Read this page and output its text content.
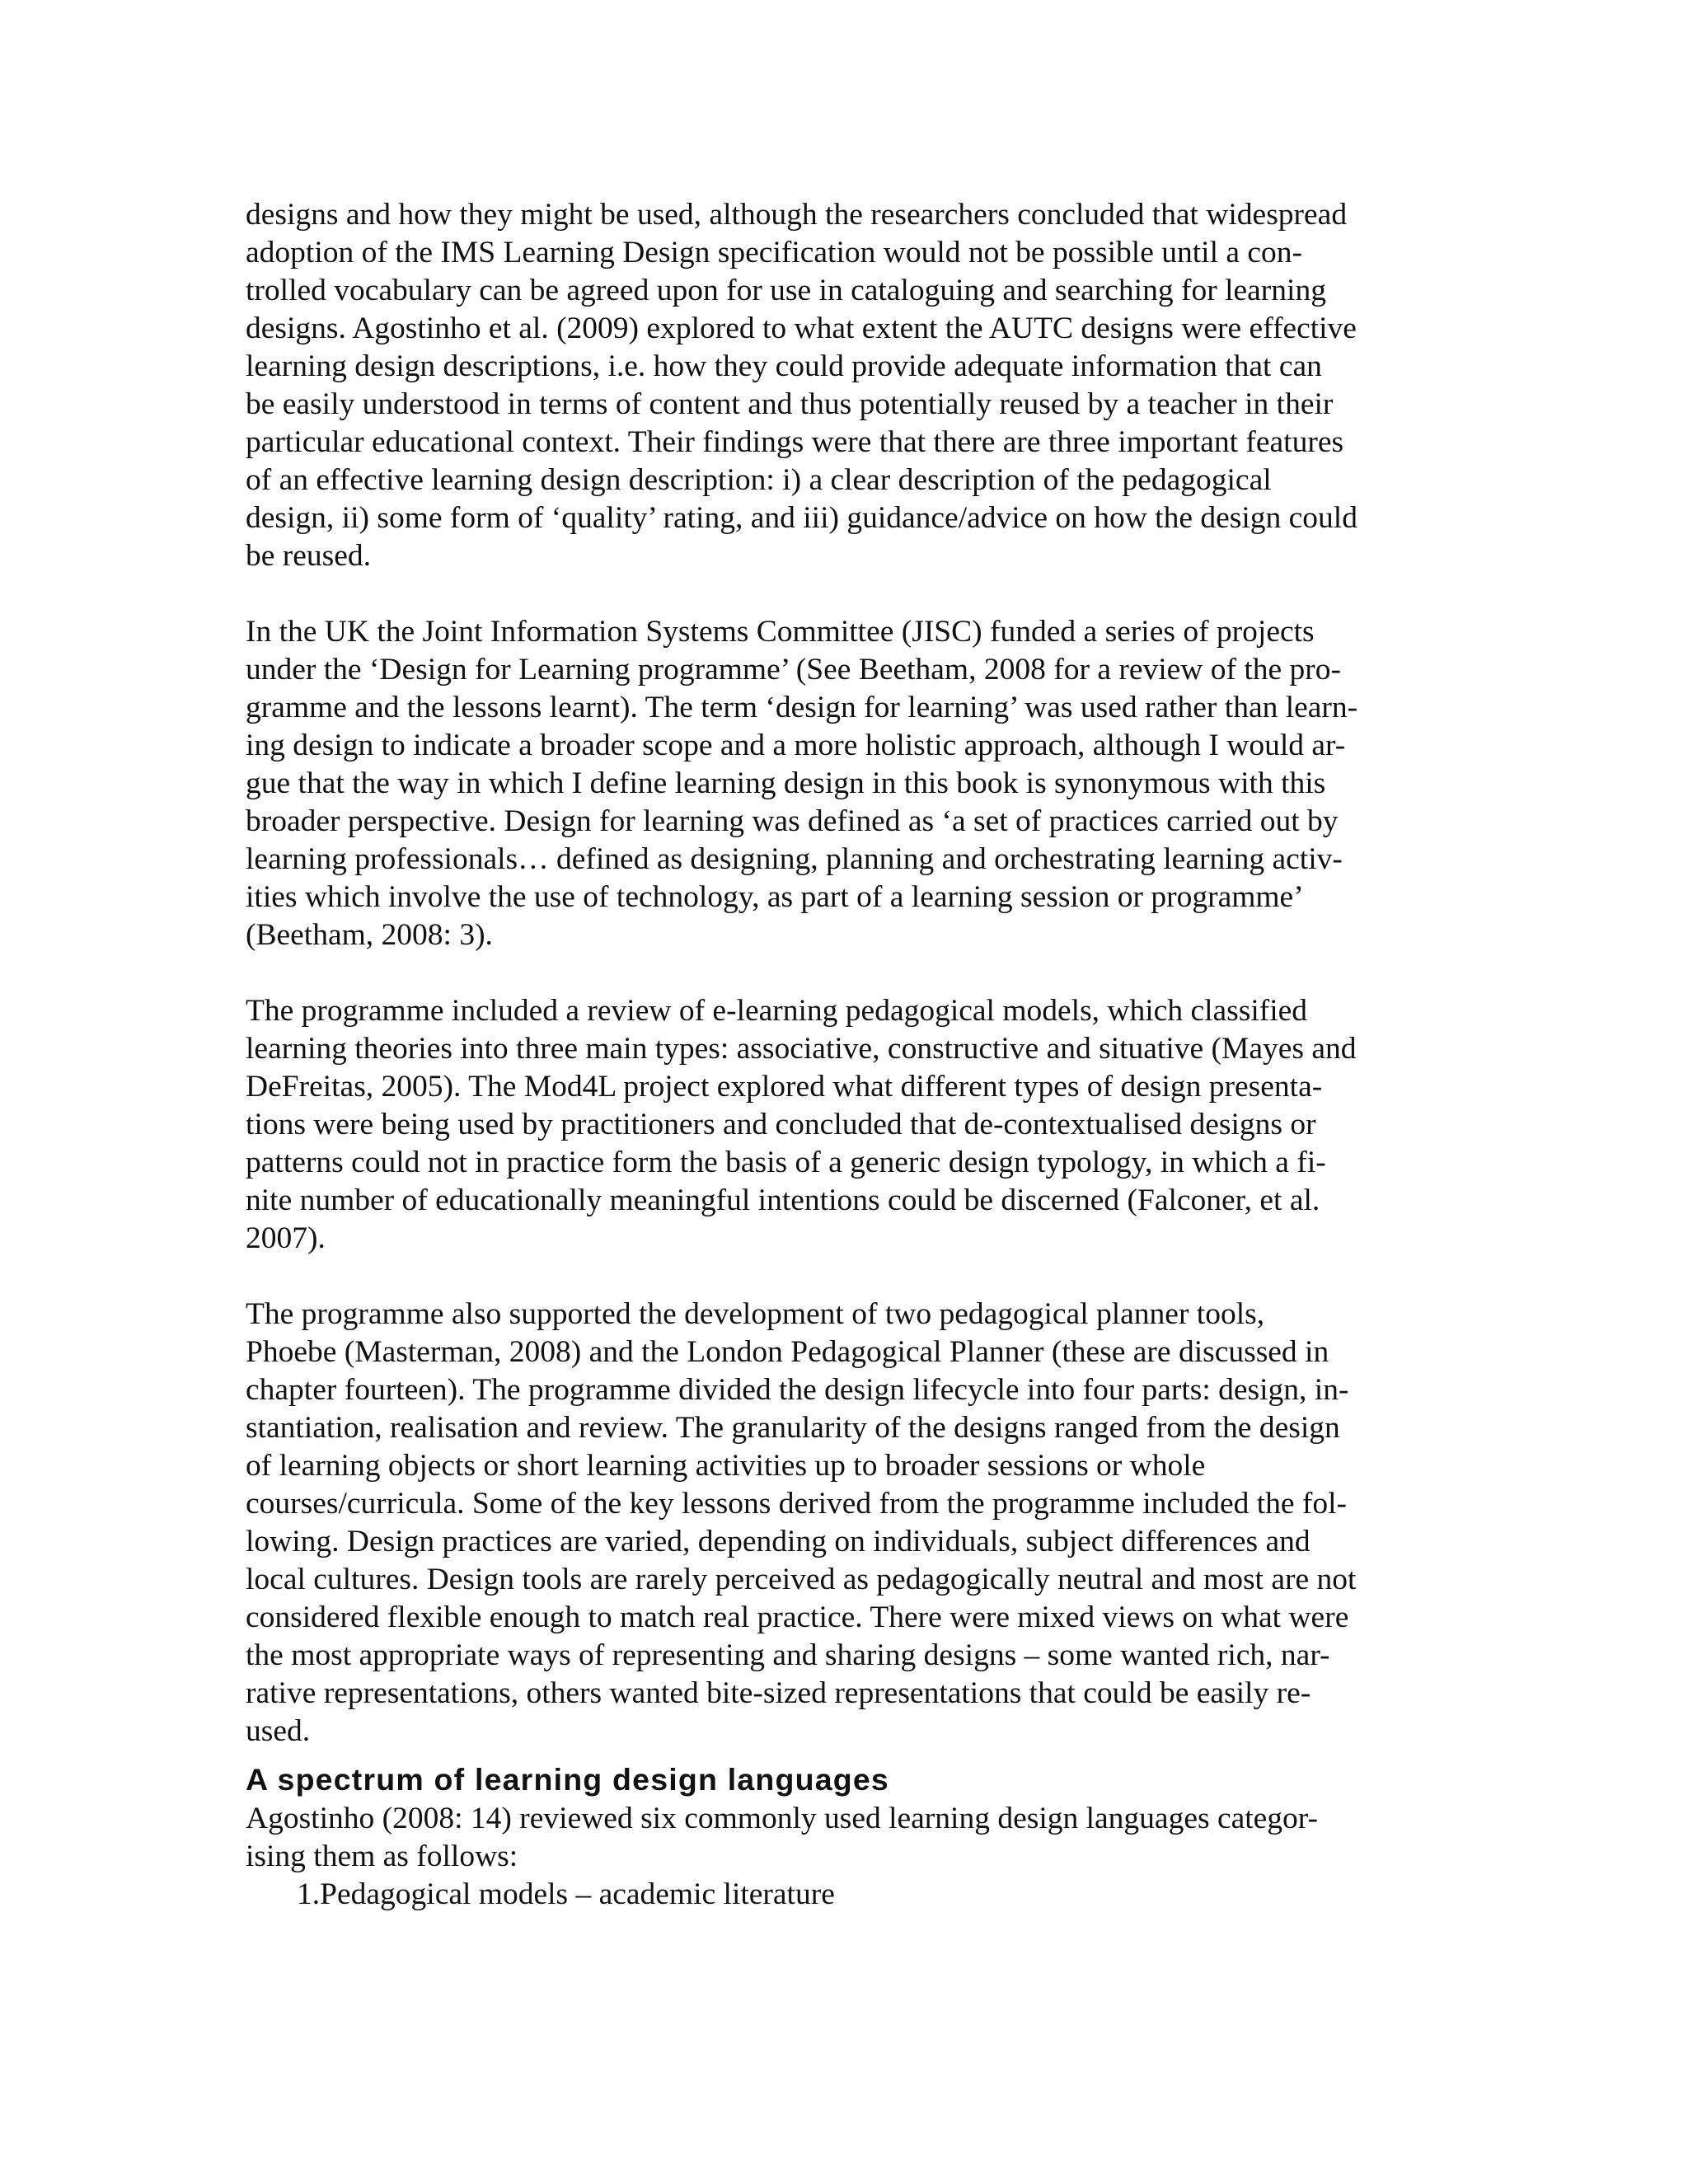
designs and how they might be used, although the researchers concluded that widespread
adoption of the IMS Learning Design specification would not be possible until a con-
trolled vocabulary can be agreed upon for use in cataloguing and searching for learning
designs. Agostinho et al. (2009) explored to what extent the AUTC designs were effective
learning design descriptions, i.e. how they could provide adequate information that can
be easily understood in terms of content and thus potentially reused by a teacher in their
particular educational context. Their findings were that there are three important features
of an effective learning design description: i) a clear description of the pedagogical
design, ii) some form of ‘quality’ rating, and iii) guidance/advice on how the design could
be reused.

In the UK the Joint Information Systems Committee (JISC) funded a series of projects
under the ‘Design for Learning programme’ (See Beetham, 2008 for a review of the pro-
gramme and the lessons learnt). The term ‘design for learning’ was used rather than learn-
ing design to indicate a broader scope and a more holistic approach, although I would ar-
gue that the way in which I define learning design in this book is synonymous with this
broader perspective. Design for learning was defined as ‘a set of practices carried out by
learning professionals… defined as designing, planning and orchestrating learning activ-
ities which involve the use of technology, as part of a learning session or programme’
(Beetham, 2008: 3).

The programme included a review of e-learning pedagogical models, which classified
learning theories into three main types: associative, constructive and situative (Mayes and
DeFreitas, 2005). The Mod4L project explored what different types of design presenta-
tions were being used by practitioners and concluded that de-contextualised designs or
patterns could not in practice form the basis of a generic design typology, in which a fi-
nite number of educationally meaningful intentions could be discerned (Falconer, et al.
2007).

The programme also supported the development of two pedagogical planner tools,
Phoebe (Masterman, 2008) and the London Pedagogical Planner (these are discussed in
chapter fourteen). The programme divided the design lifecycle into four parts: design, in-
stantiation, realisation and review. The granularity of the designs ranged from the design
of learning objects or short learning activities up to broader sessions or whole
courses/curricula. Some of the key lessons derived from the programme included the fol-
lowing. Design practices are varied, depending on individuals, subject differences and
local cultures. Design tools are rarely perceived as pedagogically neutral and most are not
considered flexible enough to match real practice. There were mixed views on what were
the most appropriate ways of representing and sharing designs – some wanted rich, nar-
rative representations, others wanted bite-sized representations that could be easily re-
used.

A spectrum of learning design languages

Agostinho (2008: 14) reviewed six commonly used learning design languages categor-
ising them as follows:

1.Pedagogical models – academic literature
